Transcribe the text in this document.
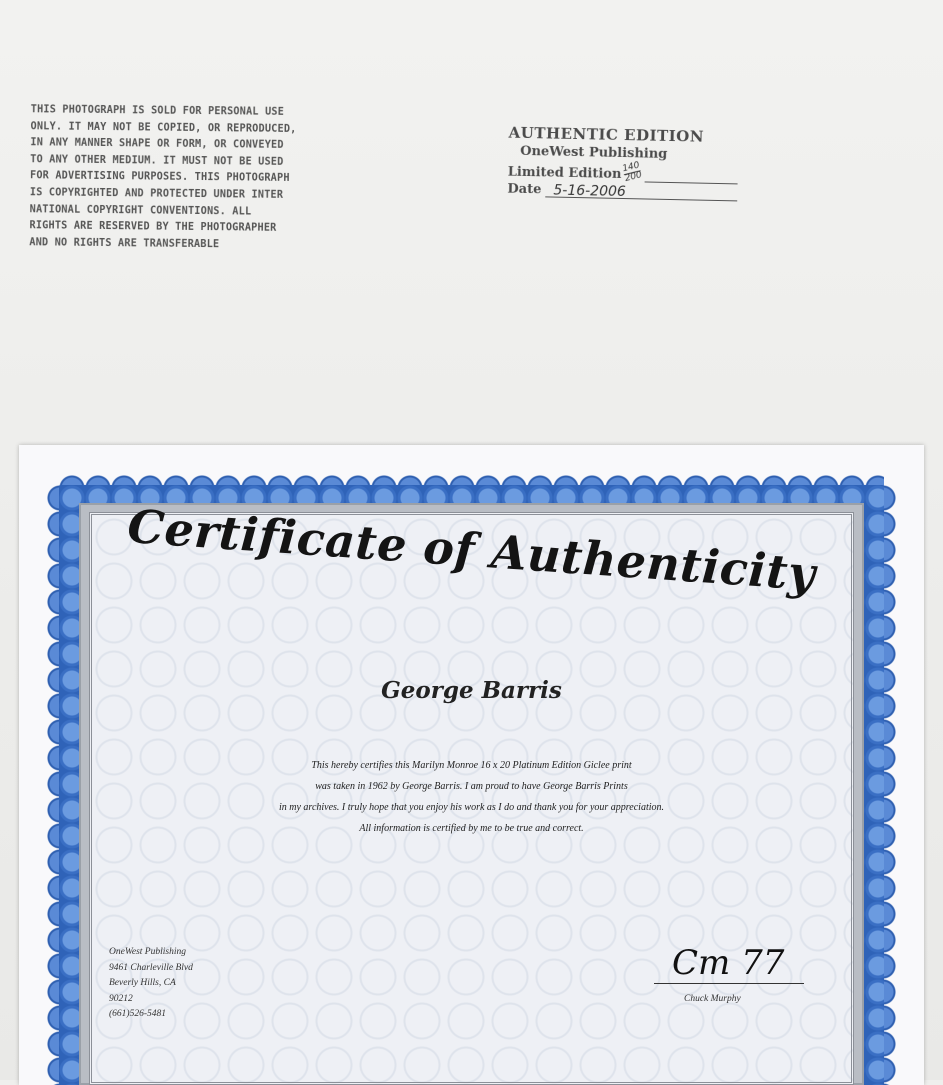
THIS PHOTOGRAPH IS SOLD FOR PERSONAL USE
ONLY. IT MAY NOT BE COPIED, OR REPRODUCED,
IN ANY MANNER SHAPE OR FORM, OR CONVEYED
TO ANY OTHER MEDIUM. IT MUST NOT BE USED
FOR ADVERTISING PURPOSES. THIS PHOTOGRAPH
IS COPYRIGHTED AND PROTECTED UNDER INTER
NATIONAL COPYRIGHT CONVENTIONS. ALL
RIGHTS ARE RESERVED BY THE PHOTOGRAPHER
AND NO RIGHTS ARE TRANSFERABLE
AUTHENTIC EDITION
OneWest Publishing
Limited Edition 140
200
Date 5-16-2006
Certificate of Authenticity
George Barris
This hereby certifies this Marilyn Monroe 16 x 20 Platinum Edition Giclee print
was taken in 1962 by George Barris. I am proud to have George Barris Prints
in my archives. I truly hope that you enjoy his work as I do and thank you for your appreciation.
All information is certified by me to be true and correct.
OneWest Publishing
9461 Charleville Blvd
Beverly Hills, CA
90212
(661)526-5481
Cm 77
Chuck Murphy
